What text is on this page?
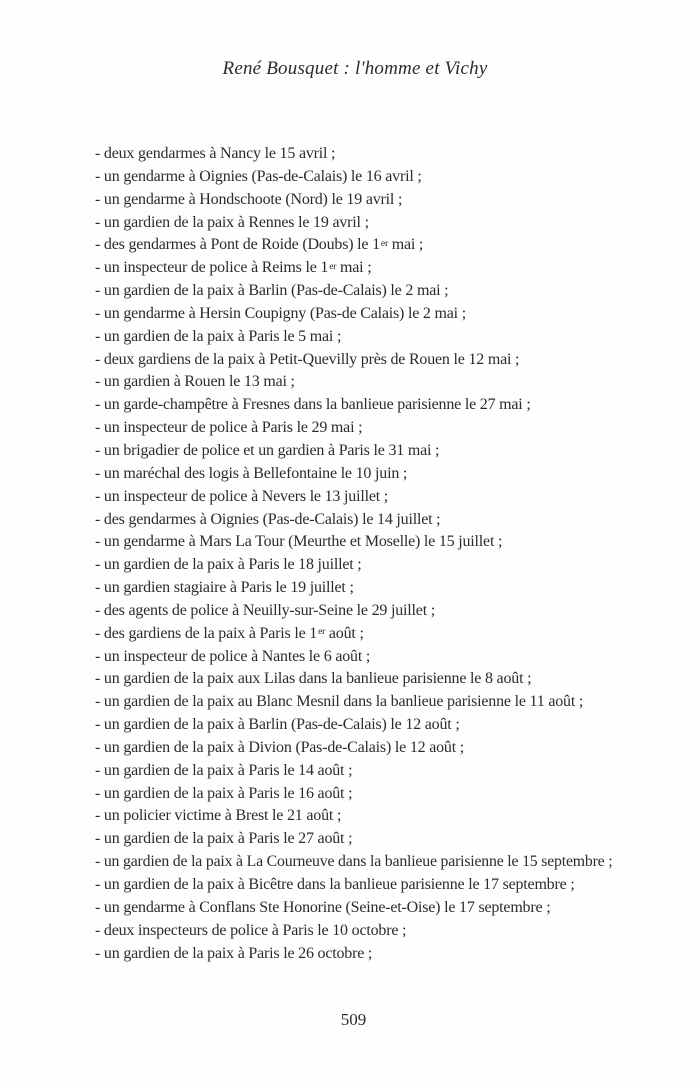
René Bousquet : l'homme et Vichy
- deux gendarmes à Nancy le 15 avril ;
- un gendarme à Oignies (Pas-de-Calais) le 16 avril ;
- un gendarme à Hondschoote (Nord) le 19 avril ;
- un gardien de la paix à Rennes le 19 avril ;
- des gendarmes à Pont de Roide (Doubs) le 1er mai ;
- un inspecteur de police à Reims le 1er mai ;
- un gardien de la paix à Barlin (Pas-de-Calais) le 2 mai ;
- un gendarme à Hersin Coupigny (Pas-de Calais) le 2 mai ;
- un gardien de la paix à Paris le 5 mai ;
- deux gardiens de la paix à Petit-Quevilly près de Rouen le 12 mai ;
- un gardien à Rouen le 13 mai ;
- un garde-champêtre à Fresnes dans la banlieue parisienne le 27 mai ;
- un inspecteur de police à Paris le 29 mai ;
- un brigadier de police et un gardien à Paris le 31 mai ;
- un maréchal des logis à Bellefontaine le 10 juin ;
- un inspecteur de police à Nevers le 13 juillet ;
- des gendarmes à Oignies (Pas-de-Calais) le 14 juillet ;
- un gendarme à Mars La Tour (Meurthe et Moselle) le 15 juillet ;
- un gardien de la paix à Paris le 18 juillet ;
- un gardien stagiaire à Paris le 19 juillet ;
- des agents de police à Neuilly-sur-Seine le 29 juillet ;
- des gardiens de la paix à Paris le 1er août ;
- un inspecteur de police à Nantes le 6 août ;
- un gardien de la paix aux Lilas dans la banlieue parisienne le 8 août ;
- un gardien de la paix au Blanc Mesnil dans la banlieue parisienne le 11 août ;
- un gardien de la paix à Barlin (Pas-de-Calais) le 12 août ;
- un gardien de la paix à Divion (Pas-de-Calais) le 12 août ;
- un gardien de la paix à Paris le 14 août ;
- un gardien de la paix à Paris le 16 août ;
- un policier victime à Brest le 21 août ;
- un gardien de la paix à Paris le 27 août ;
- un gardien de la paix à La Courneuve dans la banlieue parisienne le 15 septembre ;
- un gardien de la paix à Bicêtre dans la banlieue parisienne le 17 septembre ;
- un gendarme à Conflans Ste Honorine (Seine-et-Oise) le 17 septembre ;
- deux inspecteurs de police à Paris le 10 octobre ;
- un gardien de la paix à Paris le 26 octobre ;
509
